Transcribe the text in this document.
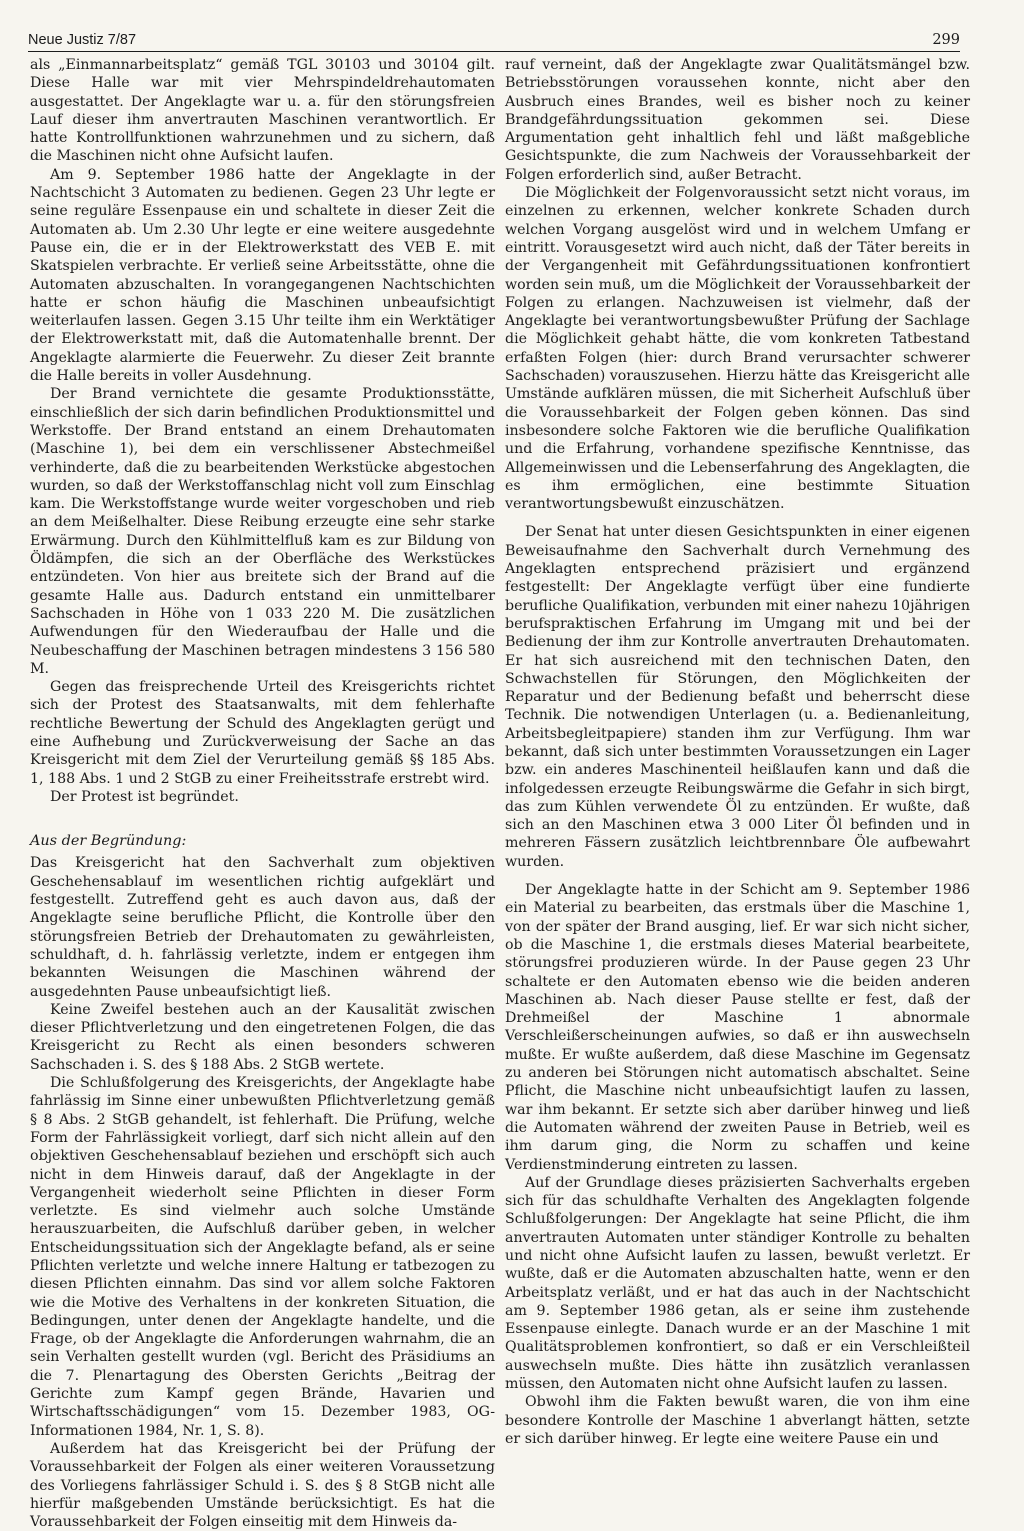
Neue Justiz 7/87	299

als „Einmannarbeitsplatz“ gemäß TGL 30103 und 30104 gilt. Diese Halle war mit vier Mehrspindeldrehautomaten ausgestattet. Der Angeklagte war u. a. für den störungsfreien Lauf dieser ihm anvertrauten Maschinen verantwortlich. Er hatte Kontrollfunktionen wahrzunehmen und zu sichern, daß die Maschinen nicht ohne Aufsicht laufen.

Am 9. September 1986 hatte der Angeklagte in der Nachtschicht 3 Automaten zu bedienen. Gegen 23 Uhr legte er seine reguläre Essenpause ein und schaltete in dieser Zeit die Automaten ab. Um 2.30 Uhr legte er eine weitere ausgedehnte Pause ein, die er in der Elektrowerkstatt des VEB E. mit Skatspielen verbrachte. Er verließ seine Arbeitsstätte, ohne die Automaten abzuschalten. In vorangegangenen Nachtschichten hatte er schon häufig die Maschinen unbeaufsichtigt weiterlaufen lassen. Gegen 3.15 Uhr teilte ihm ein Werktätiger der Elektrowerkstatt mit, daß die Automatenhalle brennt. Der Angeklagte alarmierte die Feuerwehr. Zu dieser Zeit brannte die Halle bereits in voller Ausdehnung.

Der Brand vernichtete die gesamte Produktionsstätte, einschließlich der sich darin befindlichen Produktionsmittel und Werkstoffe. Der Brand entstand an einem Drehautomaten (Maschine 1), bei dem ein verschlissener Abstechmeißel verhinderte, daß die zu bearbeitenden Werkstücke abgestochen wurden, so daß der Werkstoffanschlag nicht voll zum Einschlag kam. Die Werkstoffstange wurde weiter vorgeschoben und rieb an dem Meißelhalter. Diese Reibung erzeugte eine sehr starke Erwärmung. Durch den Kühlmittelfluß kam es zur Bildung von Öldämpfen, die sich an der Oberfläche des Werkstückes entzündeten. Von hier aus breitete sich der Brand auf die gesamte Halle aus. Dadurch entstand ein unmittelbarer Sachschaden in Höhe von 1 033 220 M. Die zusätzlichen Aufwendungen für den Wiederaufbau der Halle und die Neubeschaffung der Maschinen betragen mindestens 3 156 580 M.

Gegen das freisprechende Urteil des Kreisgerichts richtet sich der Protest des Staatsanwalts, mit dem fehlerhafte rechtliche Bewertung der Schuld des Angeklagten gerügt und eine Aufhebung und Zurückverweisung der Sache an das Kreisgericht mit dem Ziel der Verurteilung gemäß §§ 185 Abs. 1, 188 Abs. 1 und 2 StGB zu einer Freiheitsstrafe erstrebt wird.

Der Protest ist begründet.

Aus der Begründung:

Das Kreisgericht hat den Sachverhalt zum objektiven Geschehensablauf im wesentlichen richtig aufgeklärt und festgestellt. Zutreffend geht es auch davon aus, daß der Angeklagte seine berufliche Pflicht, die Kontrolle über den störungsfreien Betrieb der Drehautomaten zu gewährleisten, schuldhaft, d. h. fahrlässig verletzte, indem er entgegen ihm bekannten Weisungen die Maschinen während der ausgedehnten Pause unbeaufsichtigt ließ.

Keine Zweifel bestehen auch an der Kausalität zwischen dieser Pflichtverletzung und den eingetretenen Folgen, die das Kreisgericht zu Recht als einen besonders schweren Sachschaden i. S. des § 188 Abs. 2 StGB wertete.

Die Schlußfolgerung des Kreisgerichts, der Angeklagte habe fahrlässig im Sinne einer unbewußten Pflichtverletzung gemäß § 8 Abs. 2 StGB gehandelt, ist fehlerhaft. Die Prüfung, welche Form der Fahrlässigkeit vorliegt, darf sich nicht allein auf den objektiven Geschehensablauf beziehen und erschöpft sich auch nicht in dem Hinweis darauf, daß der Angeklagte in der Vergangenheit wiederholt seine Pflichten in dieser Form verletzte. Es sind vielmehr auch solche Umstände herauszuarbeiten, die Aufschluß darüber geben, in welcher Entscheidungssituation sich der Angeklagte befand, als er seine Pflichten verletzte und welche innere Haltung er tatbezogen zu diesen Pflichten einnahm. Das sind vor allem solche Faktoren wie die Motive des Verhaltens in der konkreten Situation, die Bedingungen, unter denen der Angeklagte handelte, und die Frage, ob der Angeklagte die Anforderungen wahrnahm, die an sein Verhalten gestellt wurden (vgl. Bericht des Präsidiums an die 7. Plenartagung des Obersten Gerichts „Beitrag der Gerichte zum Kampf gegen Brände, Havarien und Wirtschaftsschädigungen“ vom 15. Dezember 1983, OG-Informationen 1984, Nr. 1, S. 8).

Außerdem hat das Kreisgericht bei der Prüfung der Voraussehbarkeit der Folgen als einer weiteren Voraussetzung des Vorliegens fahrlässiger Schuld i. S. des § 8 StGB nicht alle hierfür maßgebenden Umstände berücksichtigt. Es hat die Voraussehbarkeit der Folgen einseitig mit dem Hinweis da-

rauf verneint, daß der Angeklagte zwar Qualitätsmängel bzw. Betriebsstörungen voraussehen konnte, nicht aber den Ausbruch eines Brandes, weil es bisher noch zu keiner Brandgefährdungssituation gekommen sei. Diese Argumentation geht inhaltlich fehl und läßt maßgebliche Gesichtspunkte, die zum Nachweis der Voraussehbarkeit der Folgen erforderlich sind, außer Betracht.

Die Möglichkeit der Folgenvoraussicht setzt nicht voraus, im einzelnen zu erkennen, welcher konkrete Schaden durch welchen Vorgang ausgelöst wird und in welchem Umfang er eintritt. Vorausgesetzt wird auch nicht, daß der Täter bereits in der Vergangenheit mit Gefährdungssituationen konfrontiert worden sein muß, um die Möglichkeit der Voraussehbarkeit der Folgen zu erlangen. Nachzuweisen ist vielmehr, daß der Angeklagte bei verantwortungsbewußter Prüfung der Sachlage die Möglichkeit gehabt hätte, die vom konkreten Tatbestand erfaßten Folgen (hier: durch Brand verursachter schwerer Sachschaden) vorauszusehen. Hierzu hätte das Kreisgericht alle Umstände aufklären müssen, die mit Sicherheit Aufschluß über die Voraussehbarkeit der Folgen geben können. Das sind insbesondere solche Faktoren wie die berufliche Qualifikation und die Erfahrung, vorhandene spezifische Kenntnisse, das Allgemeinwissen und die Lebenserfahrung des Angeklagten, die es ihm ermöglichen, eine bestimmte Situation verantwortungsbewußt einzuschätzen.

Der Senat hat unter diesen Gesichtspunkten in einer eigenen Beweisaufnahme den Sachverhalt durch Vernehmung des Angeklagten entsprechend präzisiert und ergänzend festgestellt: Der Angeklagte verfügt über eine fundierte berufliche Qualifikation, verbunden mit einer nahezu 10jährigen berufspraktischen Erfahrung im Umgang mit und bei der Bedienung der ihm zur Kontrolle anvertrauten Drehautomaten. Er hat sich ausreichend mit den technischen Daten, den Schwachstellen für Störungen, den Möglichkeiten der Reparatur und der Bedienung befaßt und beherrscht diese Technik. Die notwendigen Unterlagen (u. a. Bedienanleitung, Arbeitsbegleitpapiere) standen ihm zur Verfügung. Ihm war bekannt, daß sich unter bestimmten Voraussetzungen ein Lager bzw. ein anderes Maschinenteil heißlaufen kann und daß die infolgedessen erzeugte Reibungswärme die Gefahr in sich birgt, das zum Kühlen verwendete Öl zu entzünden. Er wußte, daß sich an den Maschinen etwa 3 000 Liter Öl befinden und in mehreren Fässern zusätzlich leichtbrennbare Öle aufbewahrt wurden.

Der Angeklagte hatte in der Schicht am 9. September 1986 ein Material zu bearbeiten, das erstmals über die Maschine 1, von der später der Brand ausging, lief. Er war sich nicht sicher, ob die Maschine 1, die erstmals dieses Material bearbeitete, störungsfrei produzieren würde. In der Pause gegen 23 Uhr schaltete er den Automaten ebenso wie die beiden anderen Maschinen ab. Nach dieser Pause stellte er fest, daß der Drehmeißel der Maschine 1 abnormale Verschleißerscheinungen aufwies, so daß er ihn auswechseln mußte. Er wußte außerdem, daß diese Maschine im Gegensatz zu anderen bei Störungen nicht automatisch abschaltet. Seine Pflicht, die Maschine nicht unbeaufsichtigt laufen zu lassen, war ihm bekannt. Er setzte sich aber darüber hinweg und ließ die Automaten während der zweiten Pause in Betrieb, weil es ihm darum ging, die Norm zu schaffen und keine Verdienstminderung eintreten zu lassen.

Auf der Grundlage dieses präzisierten Sachverhalts ergeben sich für das schuldhafte Verhalten des Angeklagten folgende Schlußfolgerungen: Der Angeklagte hat seine Pflicht, die ihm anvertrauten Automaten unter ständiger Kontrolle zu behalten und nicht ohne Aufsicht laufen zu lassen, bewußt verletzt. Er wußte, daß er die Automaten abzuschalten hatte, wenn er den Arbeitsplatz verläßt, und er hat das auch in der Nachtschicht am 9. September 1986 getan, als er seine ihm zustehende Essenpause einlegte. Danach wurde er an der Maschine 1 mit Qualitätsproblemen konfrontiert, so daß er ein Verschleißteil auswechseln mußte. Dies hätte ihn zusätzlich veranlassen müssen, den Automaten nicht ohne Aufsicht laufen zu lassen.

Obwohl ihm die Fakten bewußt waren, die von ihm eine besondere Kontrolle der Maschine 1 abverlangt hätten, setzte er sich darüber hinweg. Er legte eine weitere Pause ein und
